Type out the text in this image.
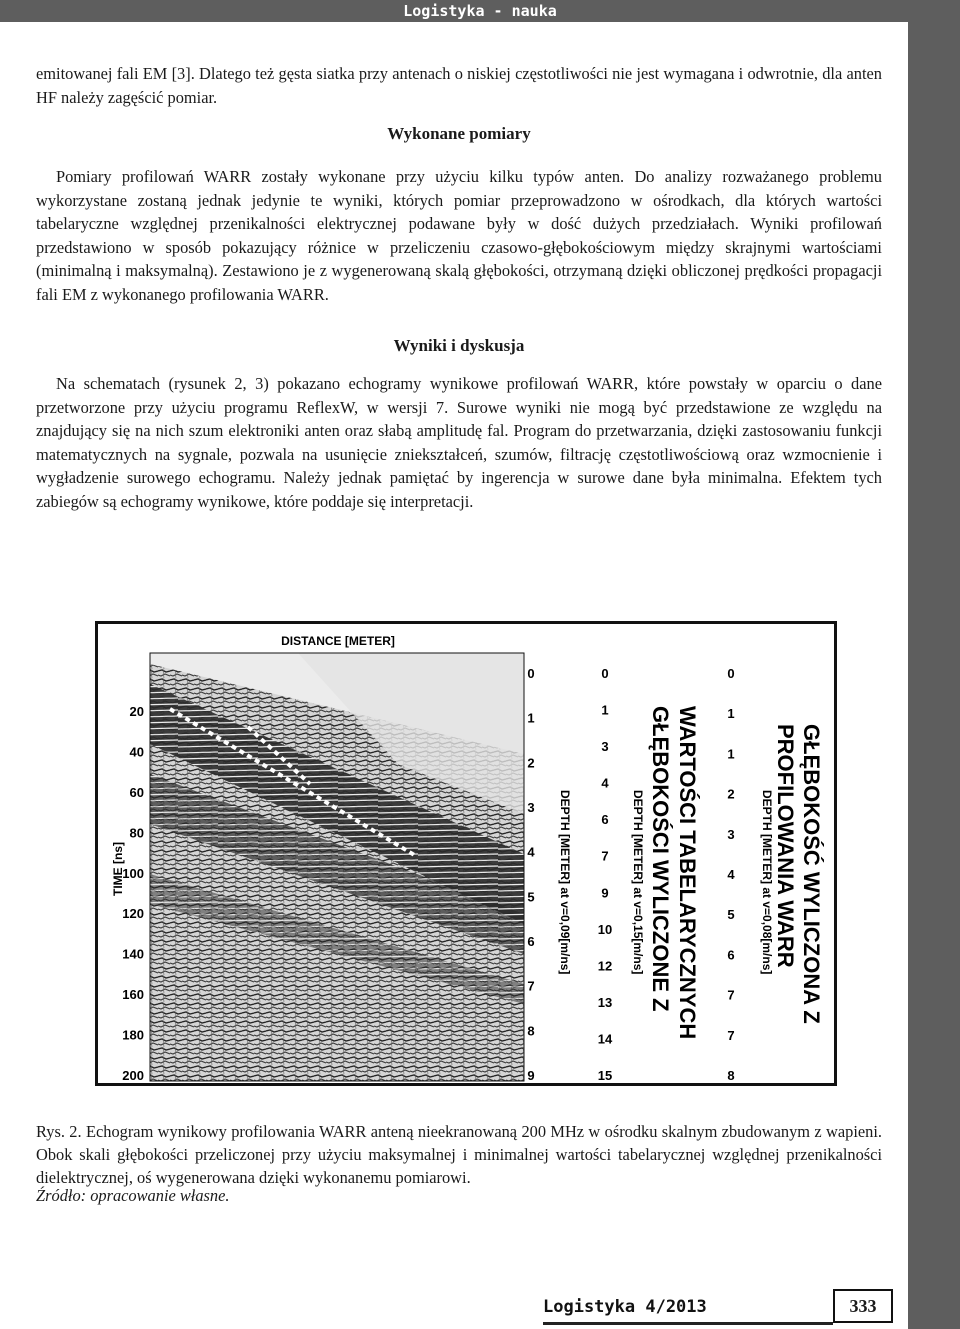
Logistyka - nauka

emitowanej fali EM [3]. Dlatego też gęsta siatka przy antenach o niskiej częstotliwości nie jest wymagana i odwrotnie, dla anten HF należy zagęścić pomiar.

Wykonane pomiary

Pomiary profilowań WARR zostały wykonane przy użyciu kilku typów anten. Do analizy rozważanego problemu wykorzystane zostaną jednak jedynie te wyniki, których pomiar przeprowadzono w ośrodkach, dla których wartości tabelaryczne względnej przenikalności elektrycznej podawane były w dość dużych przedziałach. Wyniki profilowań przedstawiono w sposób pokazujący różnice w przeliczeniu czasowo-głębokościowym między skrajnymi wartościami (minimalną i maksymalną). Zestawiono je z wygenerowaną skalą głębokości, otrzymaną dzięki obliczonej prędkości propagacji fali EM z wykonanego profilowania WARR.

Wyniki i dyskusja

Na schematach (rysunek 2, 3) pokazano echogramy wynikowe profilowań WARR, które powstały w oparciu o dane przetworzone przy użyciu programu ReflexW, w wersji 7. Surowe wyniki nie mogą być przedstawione ze względu na znajdujący się na nich szum elektroniki anten oraz słabą amplitudę fal. Program do przetwarzania, dzięki zastosowaniu funkcji matematycznych na sygnale, pozwala na usunięcie zniekształceń, szumów, filtrację częstotliwościową oraz wzmocnienie i wygładzenie surowego echogramu. Należy jednak pamiętać by ingerencja w surowe dane była minimalna. Efektem tych zabiegów są echogramy wynikowe, które poddaje się interpretacji.

DISTANCE [METER]
TIME [ns]
20
40
60
80
100
120
140
160
180
200
0
1
2
3
4
5
6
7
8
9
0
1
3
4
6
7
9
10
12
13
14
15
0
1
1
2
3
4
5
6
7
7
8
DEPTH [METER] at v=0,09[m/ns]	DEPTH [METER] at v=0,15[m/ns]	DEPTH [METER] at v=0,08[m/ns]
GŁĘBOKOŚCI WYLICZONE Z WARTOŚCI TABELARYCZNYCH	PROFILOWANIA WARR GŁĘBOKOŚĆ WYLICZONA Z

Rys. 2. Echogram wynikowy profilowania WARR anteną nieekranowaną 200 MHz w ośrodku skalnym zbudowanym z wapieni. Obok skali głębokości przeliczonej przy użyciu maksymalnej i minimalnej wartości tabelarycznej względnej przenikalności dielektrycznej, oś wygenerowana dzięki wykonanemu pomiarowi.

Źródło: opracowanie własne.

Logistyka 4/2013	333
